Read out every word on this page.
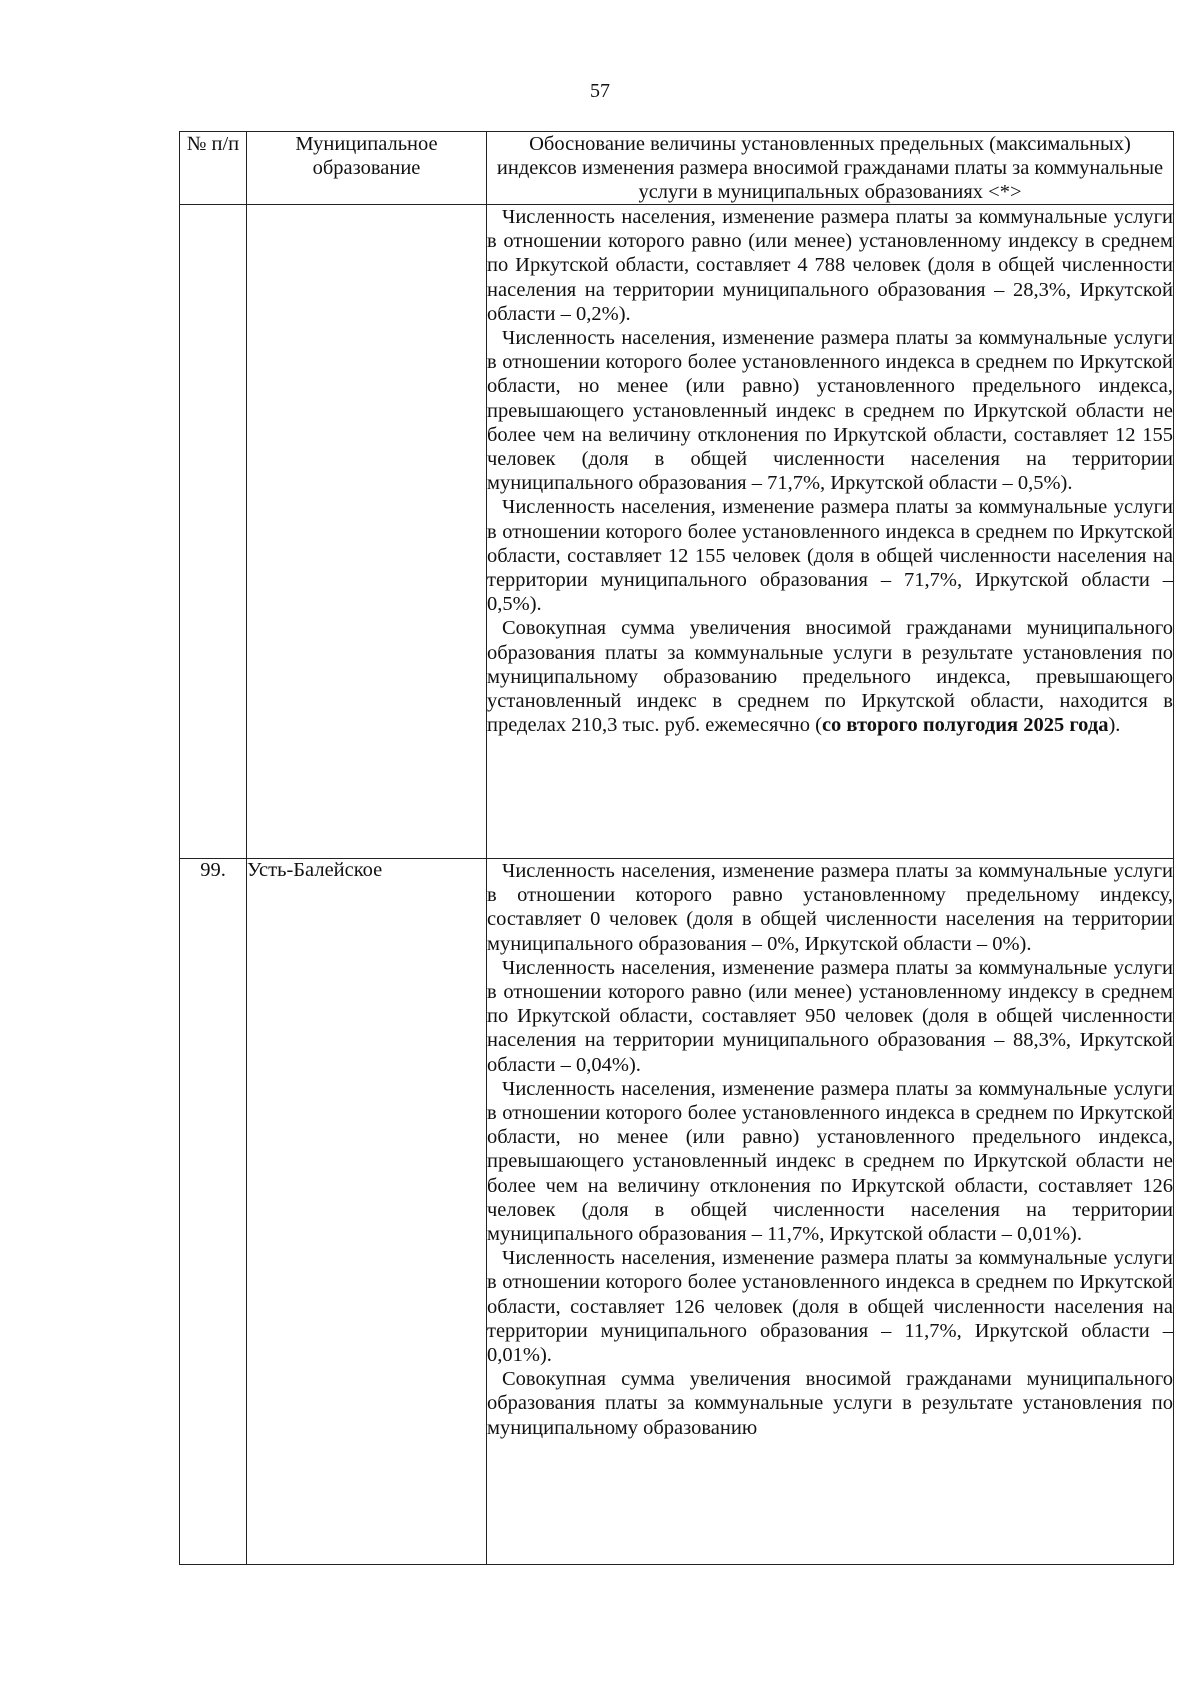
57
№ п/п	Муниципальное образование	Обоснование величины установленных предельных (максимальных) индексов изменения размера вносимой гражданами платы за коммунальные услуги в муниципальных образованиях <*>

		Численность населения, изменение размера платы за коммунальные услуги в отношении которого равно (или менее) установленному индексу в среднем по Иркутской области, составляет 4 788 человек (доля в общей численности населения на территории муниципального образования – 28,3%, Иркутской области – 0,2%).

Численность населения, изменение размера платы за коммунальные услуги в отношении которого более установленного индекса в среднем по Иркутской области, но менее (или равно) установленного предельного индекса, превышающего установленный индекс в среднем по Иркутской области не более чем на величину отклонения по Иркутской области, составляет 12 155 человек (доля в общей численности населения на территории муниципального образования – 71,7%, Иркутской области – 0,5%).

Численность населения, изменение размера платы за коммунальные услуги в отношении которого более установленного индекса в среднем по Иркутской области, составляет 12 155 человек (доля в общей численности населения на территории муниципального образования – 71,7%, Иркутской области – 0,5%).

Совокупная сумма увеличения вносимой гражданами муниципального образования платы за коммунальные услуги в результате установления по муниципальному образованию предельного индекса, превышающего установленный индекс в среднем по Иркутской области, находится в пределах 210,3 тыс. руб. ежемесячно (со второго полугодия 2025 года).

99.	Усть-Балейское	Численность населения, изменение размера платы за коммунальные услуги в отношении которого равно установленному предельному индексу, составляет 0 человек (доля в общей численности населения на территории муниципального образования – 0%, Иркутской области – 0%).

Численность населения, изменение размера платы за коммунальные услуги в отношении которого равно (или менее) установленному индексу в среднем по Иркутской области, составляет 950 человек (доля в общей численности населения на территории муниципального образования – 88,3%, Иркутской области – 0,04%).

Численность населения, изменение размера платы за коммунальные услуги в отношении которого более установленного индекса в среднем по Иркутской области, но менее (или равно) установленного предельного индекса, превышающего установленный индекс в среднем по Иркутской области не более чем на величину отклонения по Иркутской области, составляет 126 человек (доля в общей численности населения на территории муниципального образования – 11,7%, Иркутской области – 0,01%).

Численность населения, изменение размера платы за коммунальные услуги в отношении которого более установленного индекса в среднем по Иркутской области, составляет 126 человек (доля в общей численности населения на территории муниципального образования – 11,7%, Иркутской области – 0,01%).

Совокупная сумма увеличения вносимой гражданами муниципального образования платы за коммунальные услуги в результате установления по муниципальному образованию
